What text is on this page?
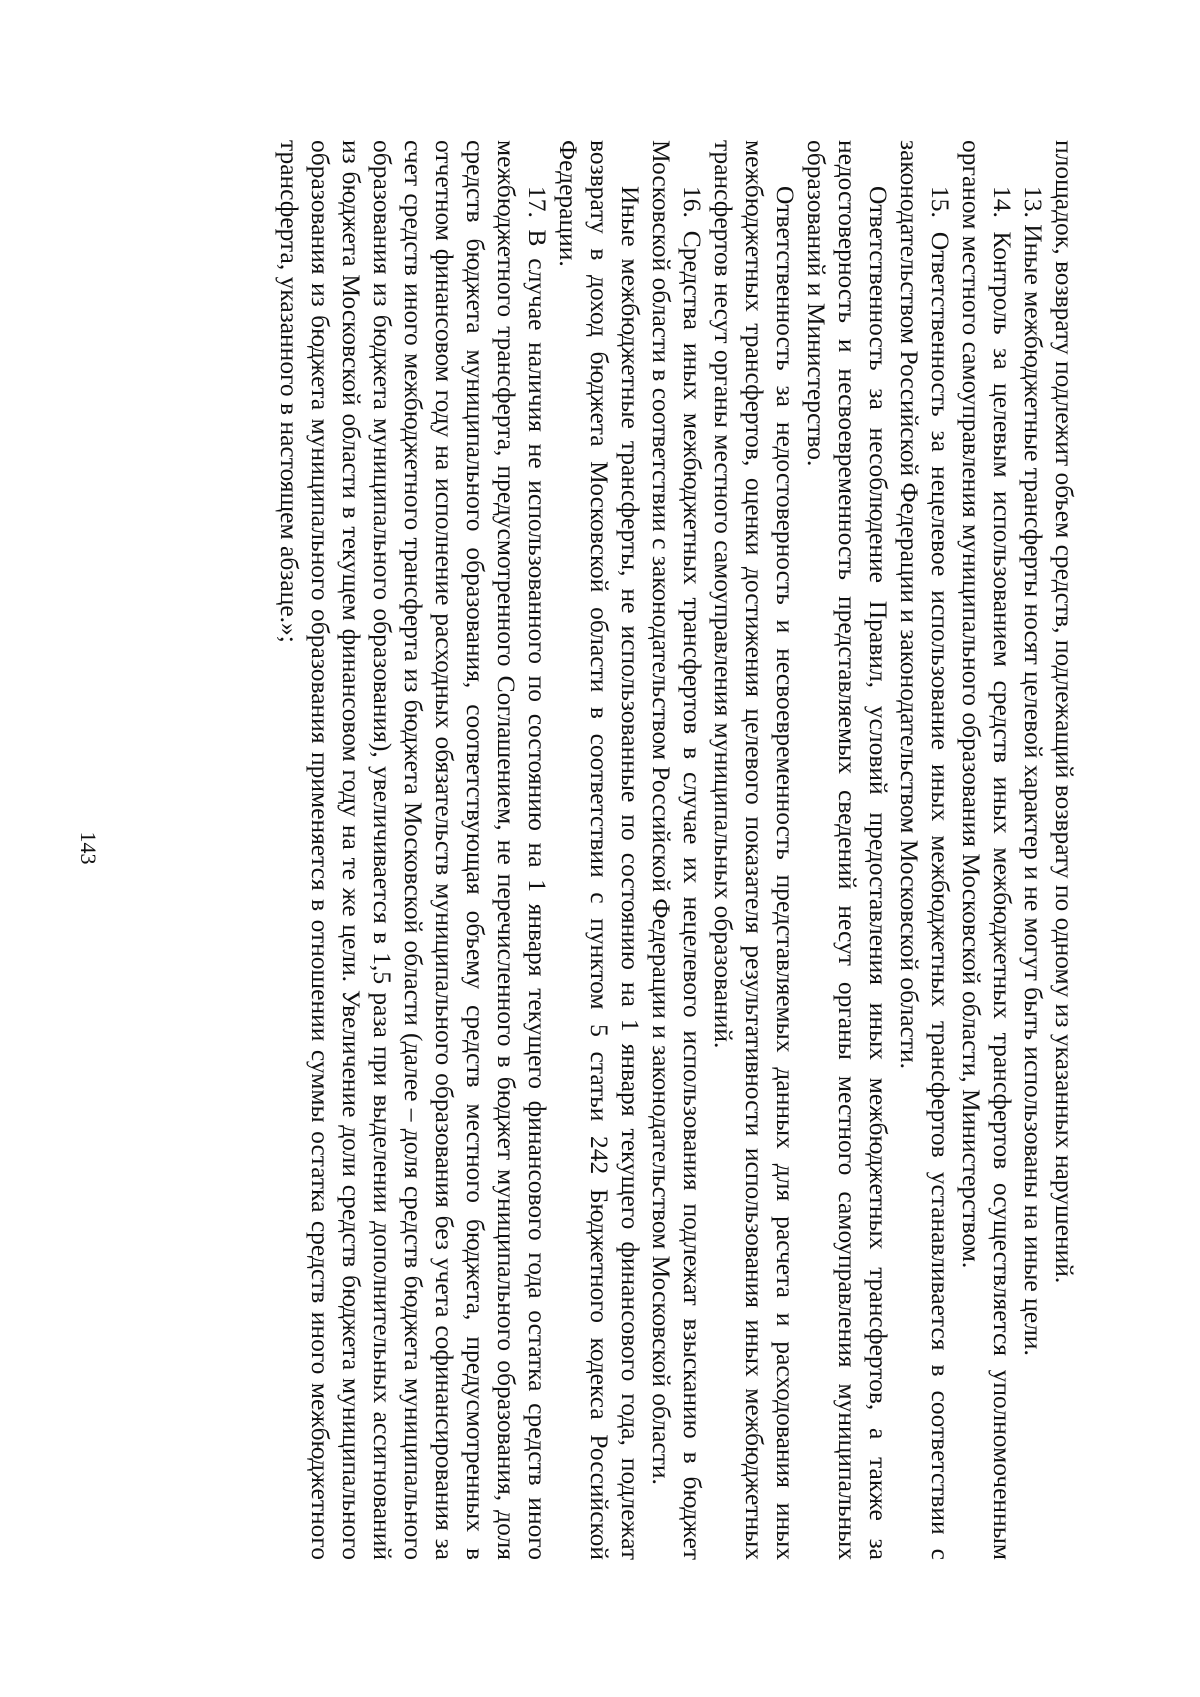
143	площадок, возврату подлежит объем средств, подлежащий возврату по одному из указанных нарушений.

13. Иные межбюджетные трансферты носят целевой характер и не могут быть использованы на иные цели.

14. Контроль за целевым использованием средств иных межбюджетных трансфертов осуществляется уполномоченным органом местного самоуправления муниципального образования Московской области, Министерством.

15. Ответственность за нецелевое использование иных межбюджетных трансфертов устанавливается в соответствии с законодательством Российской Федерации и законодательством Московской области.

Ответственность за несоблюдение Правил, условий предоставления иных межбюджетных трансфертов, а также за недостоверность и несвоевременность представляемых сведений несут органы местного самоуправления муниципальных образований и Министерство.

Ответственность за недостоверность и несвоевременность представляемых данных для расчета и расходования иных межбюджетных трансфертов, оценки достижения целевого показателя результативности использования иных межбюджетных трансфертов несут органы местного самоуправления муниципальных образований.

16. Средства иных межбюджетных трансфертов в случае их нецелевого использования подлежат взысканию в бюджет Московской области в соответствии с законодательством Российской Федерации и законодательством Московской области.

Иные межбюджетные трансферты, не использованные по состоянию на 1 января текущего финансового года, подлежат возврату в доход бюджета Московской области в соответствии с пунктом 5 статьи 242 Бюджетного кодекса Российской Федерации.

17. В случае наличия не использованного по состоянию на 1 января текущего финансового года остатка средств иного межбюджетного трансферта, предусмотренного Соглашением, не перечисленного в бюджет муниципального образования, доля средств бюджета муниципального образования, соответствующая объему средств местного бюджета, предусмотренных в отчетном финансовом году на исполнение расходных обязательств муниципального образования без учета софинансирования за счет средств иного межбюджетного трансферта из бюджета Московской области (далее – доля средств бюджета муниципального образования из бюджета муниципального образования), увеличивается в 1,5 раза при выделении дополнительных ассигнований из бюджета Московской области в текущем финансовом году на те же цели. Увеличение доли средств бюджета муниципального образования из бюджета муниципального образования применяется в отношении суммы остатка средств иного межбюджетного трансферта, указанного в настоящем абзаце.»;
